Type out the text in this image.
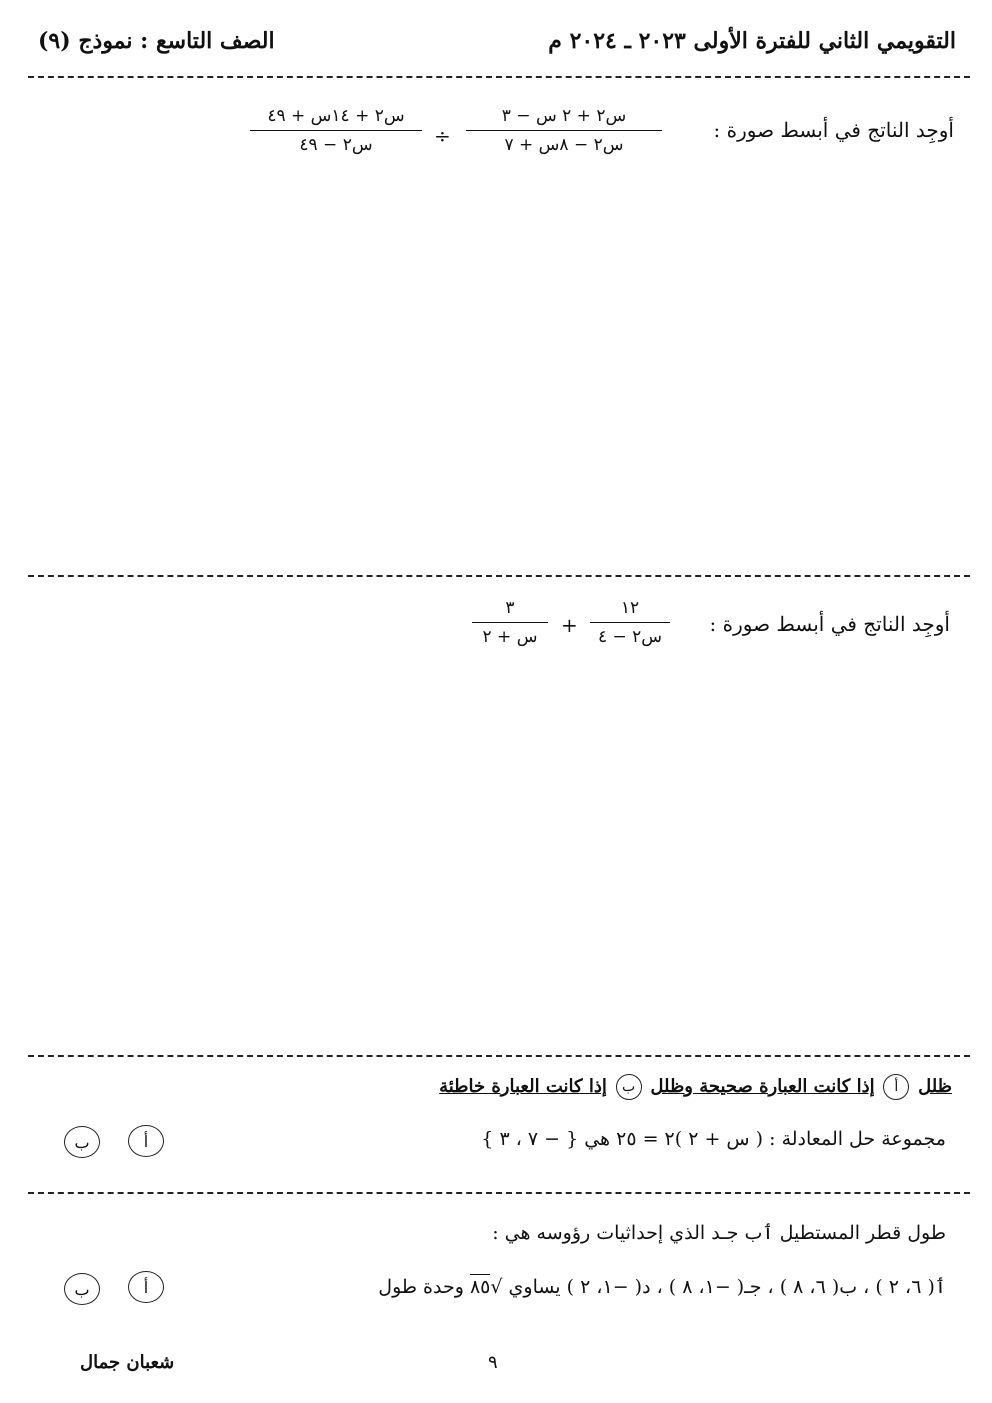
التقويمي الثاني للفترة الأولى ٢٠٢٣ ـ ٢٠٢٤ م
الصف التاسع : نموذج (٩)
أوجِد الناتج في أبسط صورة :
$\frac{\text{س٢ + ٢ س − ٣}}{\text{س٢ − ٨س + ٧}}$
÷
$\frac{\text{س٢ + ١٤س + ٤٩}}{\text{س٢ − ٤٩}}$
أوجِد الناتج في أبسط صورة :
$\frac{١٢}{\text{س٢ − ٤}}$
+
$\frac{٣}{\text{س + ٢}}$
ظلل أ إذا كانت العبارة صحيحة وظلل ب إذا كانت العبارة خاطئة
مجموعة حل المعادلة : ( س + ٢ )٢ = ٢٥ هي { − ٧ ، ٣ }
أ
ب
طول قطر المستطيل ٲب جـد الذي إحداثيات رؤوسه هي :
ٲ( ٦، ٢ ) ، ب( ٦، ٨ ) ، جـ( −١، ٨ ) ، د( −١، ٢ ) يساوي √٨٥ وحدة طول
أ
ب
شعبان جمال	٩
